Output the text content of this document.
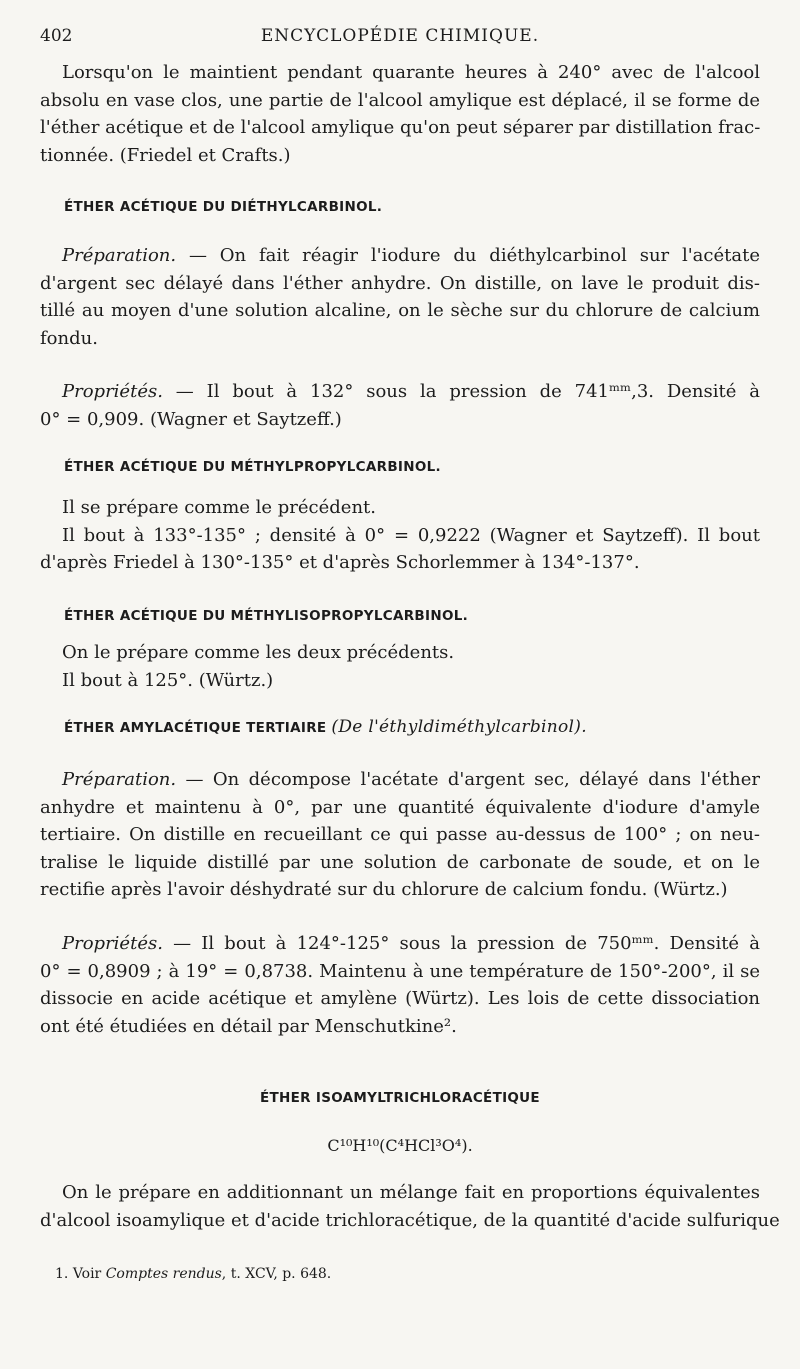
402	ENCYCLOPÉDIE CHIMIQUE.
Lorsqu'on le maintient pendant quarante heures à 240° avec de l'alcool
absolu en vase clos, une partie de l'alcool amylique est déplacé, il se forme de
l'éther acétique et de l'alcool amylique qu'on peut séparer par distillation frac-
tionnée. (Friedel et Crafts.)
ÉTHER ACÉTIQUE DU DIÉTHYLCARBINOL.
Préparation. — On fait réagir l'iodure du diéthylcarbinol sur l'acétate
d'argent sec délayé dans l'éther anhydre. On distille, on lave le produit dis-
tillé au moyen d'une solution alcaline, on le sèche sur du chlorure de calcium
fondu.
Propriétés. — Il bout à 132° sous la pression de 741ᵐᵐ,3. Densité à
0° = 0,909. (Wagner et Saytzeff.)
ÉTHER ACÉTIQUE DU MÉTHYLPROPYLCARBINOL.
Il se prépare comme le précédent.
Il bout à 133°-135° ; densité à 0° = 0,9222 (Wagner et Saytzeff). Il bout
d'après Friedel à 130°-135° et d'après Schorlemmer à 134°-137°.
ÉTHER ACÉTIQUE DU MÉTHYLISOPROPYLCARBINOL.
On le prépare comme les deux précédents.
Il bout à 125°. (Würtz.)
ÉTHER AMYLACÉTIQUE TERTIAIRE (De l'éthyldiméthylcarbinol).
Préparation. — On décompose l'acétate d'argent sec, délayé dans l'éther
anhydre et maintenu à 0°, par une quantité équivalente d'iodure d'amyle
tertiaire. On distille en recueillant ce qui passe au-dessus de 100° ; on neu-
tralise le liquide distillé par une solution de carbonate de soude, et on le
rectifie après l'avoir déshydraté sur du chlorure de calcium fondu. (Würtz.)
Propriétés. — Il bout à 124°-125° sous la pression de 750ᵐᵐ. Densité à
0° = 0,8909 ; à 19° = 0,8738. Maintenu à une température de 150°-200°, il se
dissocie en acide acétique et amylène (Würtz). Les lois de cette dissociation
ont été étudiées en détail par Menschutkine².
ÉTHER ISOAMYLTRICHLORACÉTIQUE
C¹⁰H¹⁰(C⁴HCl³O⁴).
On le prépare en additionnant un mélange fait en proportions équivalentes
d'alcool isoamylique et d'acide trichloracétique, de la quantité d'acide sulfurique
1. Voir Comptes rendus, t. XCV, p. 648.
